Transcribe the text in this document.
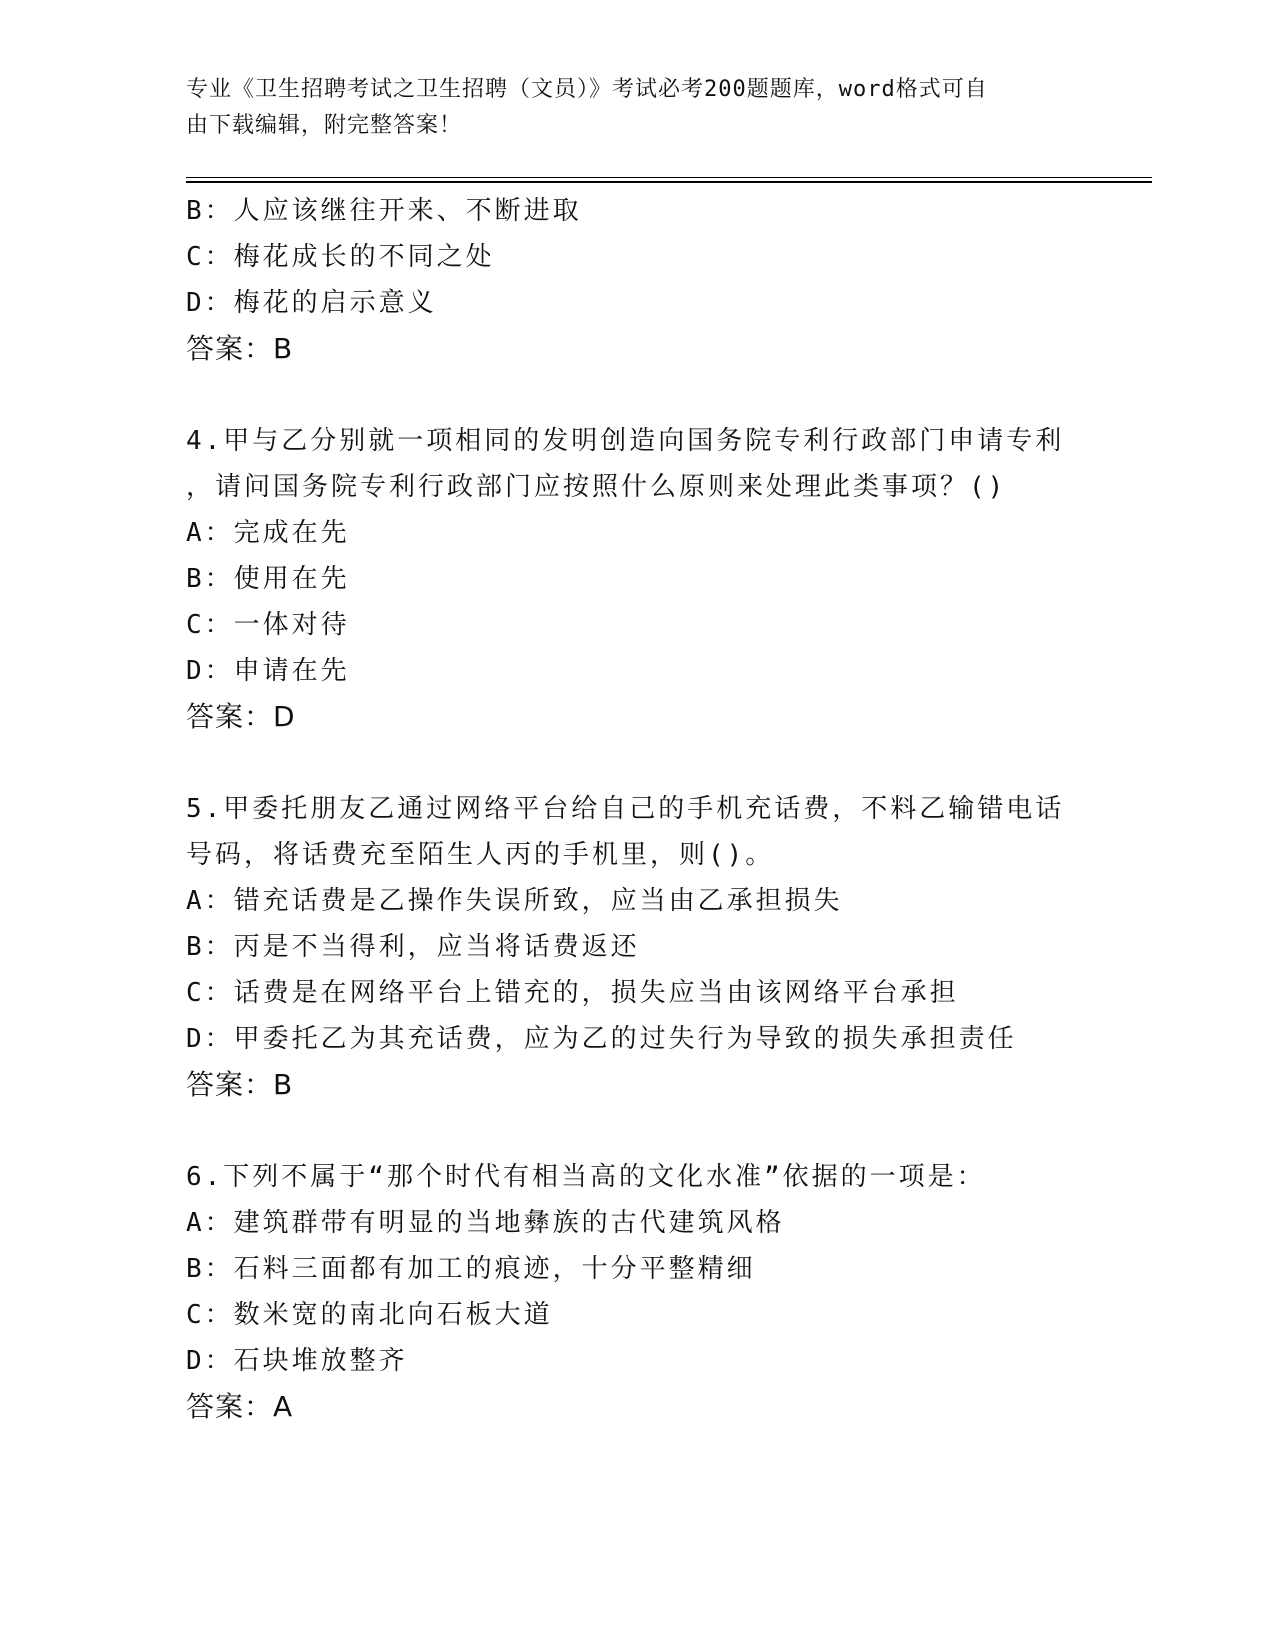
专业《卫生招聘考试之卫生招聘（文员）》考试必考200题题库，word格式可自
由下载编辑，附完整答案！
B：人应该继往开来、不断进取
C：梅花成长的不同之处
D：梅花的启示意义
答案：B
4.甲与乙分别就一项相同的发明创造向国务院专利行政部门申请专利
，请问国务院专利行政部门应按照什么原则来处理此类事项？()
A：完成在先
B：使用在先
C：一体对待
D：申请在先
答案：D
5.甲委托朋友乙通过网络平台给自己的手机充话费，不料乙输错电话
号码，将话费充至陌生人丙的手机里，则()。
A：错充话费是乙操作失误所致，应当由乙承担损失
B：丙是不当得利，应当将话费返还
C：话费是在网络平台上错充的，损失应当由该网络平台承担
D：甲委托乙为其充话费，应为乙的过失行为导致的损失承担责任
答案：B
6.下列不属于“那个时代有相当高的文化水准”依据的一项是：
A：建筑群带有明显的当地彝族的古代建筑风格
B：石料三面都有加工的痕迹，十分平整精细
C：数米宽的南北向石板大道
D：石块堆放整齐
答案：A
